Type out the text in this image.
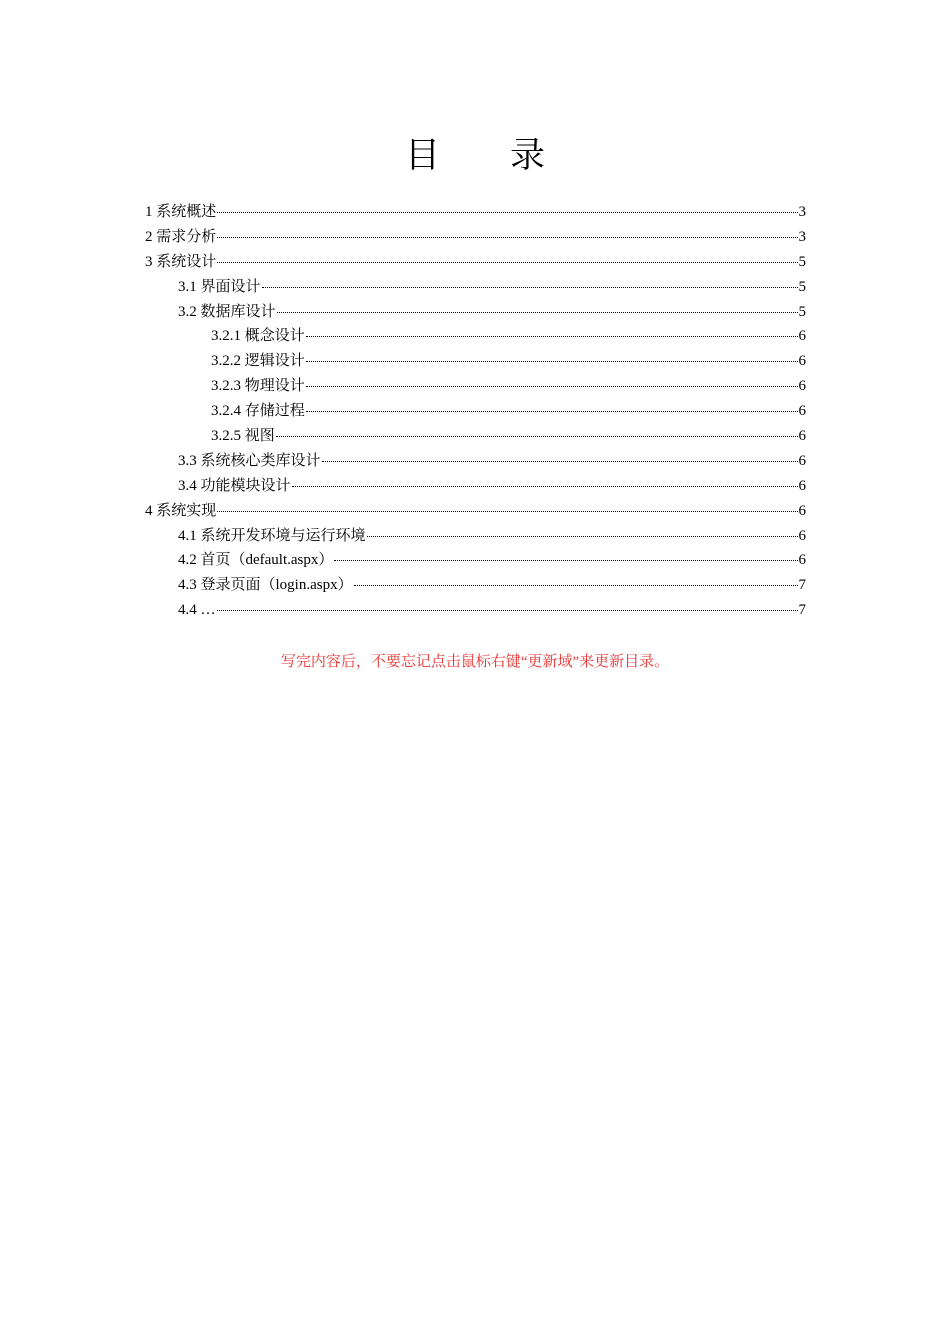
目 录
1 系统概述	3
2 需求分析	3
3 系统设计	5
3.1 界面设计	5
3.2 数据库设计	5
3.2.1 概念设计	6
3.2.2 逻辑设计	6
3.2.3 物理设计	6
3.2.4 存储过程	6
3.2.5 视图	6
3.3 系统核心类库设计	6
3.4 功能模块设计	6
4 系统实现	6
4.1 系统开发环境与运行环境	6
4.2 首页（default.aspx）	6
4.3 登录页面（login.aspx）	7
4.4 …	7
写完内容后，不要忘记点击鼠标右键“更新域”来更新目录。
